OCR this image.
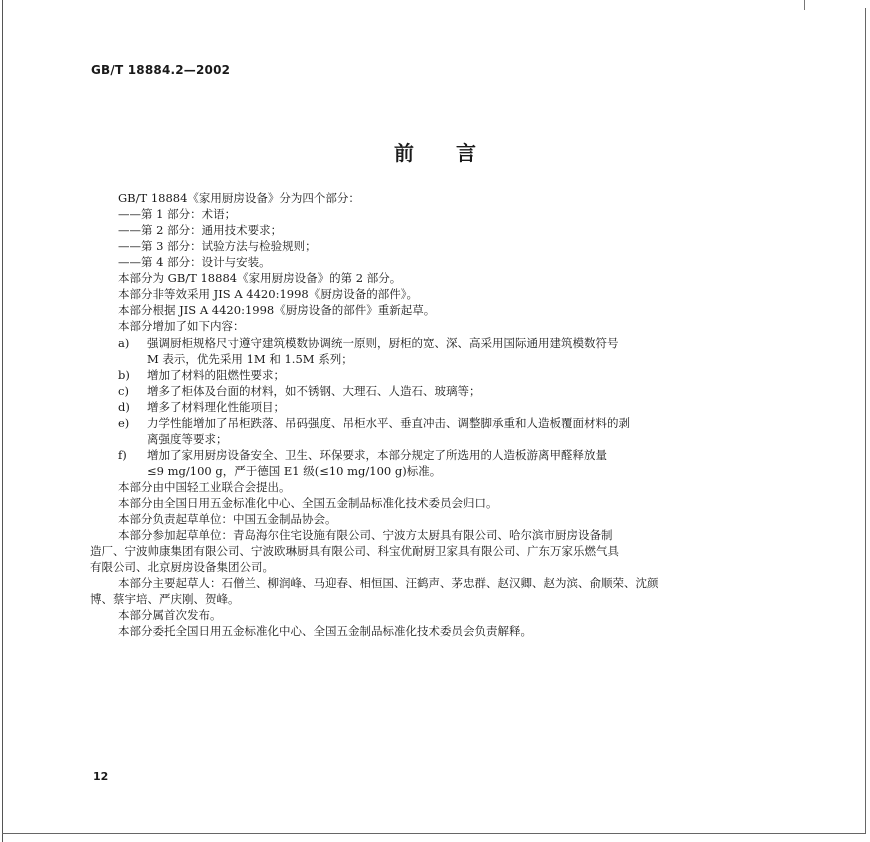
GB/T 18884.2—2002
前 言
GB/T 18884《家用厨房设备》分为四个部分：
——第 1 部分：术语；
——第 2 部分：通用技术要求；
——第 3 部分：试验方法与检验规则；
——第 4 部分：设计与安装。
本部分为 GB/T 18884《家用厨房设备》的第 2 部分。
本部分非等效采用 JIS A 4420:1998《厨房设备的部件》。
本部分根据 JIS A 4420:1998《厨房设备的部件》重新起草。
本部分增加了如下内容：
a) 强调厨柜规格尺寸遵守建筑模数协调统一原则，厨柜的宽、深、高采用国际通用建筑模数符号
M 表示，优先采用 1M 和 1.5M 系列；
b) 增加了材料的阻燃性要求；
c) 增多了柜体及台面的材料，如不锈钢、大理石、人造石、玻璃等；
d) 增多了材料理化性能项目；
e) 力学性能增加了吊柜跌落、吊码强度、吊柜水平、垂直冲击、调整脚承重和人造板覆面材料的剥
离强度等要求；
f) 增加了家用厨房设备安全、卫生、环保要求，本部分规定了所选用的人造板游离甲醛释放量
≤9 mg/100 g，严于德国 E1 级(≤10 mg/100 g)标准。
本部分由中国轻工业联合会提出。
本部分由全国日用五金标准化中心、全国五金制品标准化技术委员会归口。
本部分负责起草单位：中国五金制品协会。
本部分参加起草单位：青岛海尔住宅设施有限公司、宁波方太厨具有限公司、哈尔滨市厨房设备制
造厂、宁波帅康集团有限公司、宁波欧琳厨具有限公司、科宝优耐厨卫家具有限公司、广东万家乐燃气具
有限公司、北京厨房设备集团公司。
本部分主要起草人：石僧兰、柳润峰、马迎春、相恒国、汪鹤声、茅忠群、赵汉卿、赵为滨、俞顺荣、沈颜
博、蔡宇培、严庆刚、贺峰。
本部分属首次发布。
本部分委托全国日用五金标准化中心、全国五金制品标准化技术委员会负责解释。
12
